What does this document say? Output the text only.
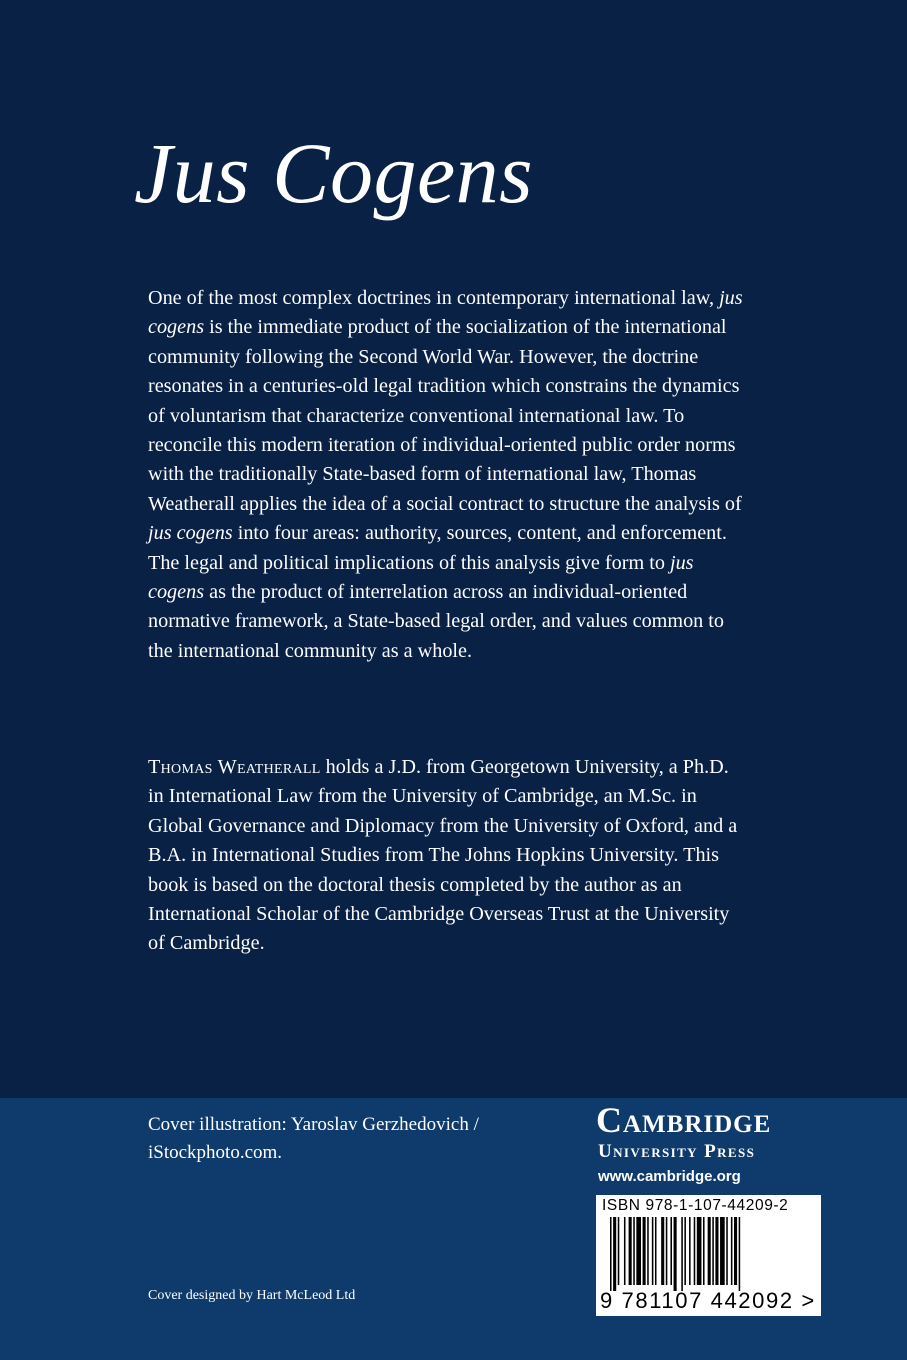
Jus Cogens

One of the most complex doctrines in contemporary international law, jus cogens is the immediate product of the socialization of the international community following the Second World War. However, the doctrine resonates in a centuries-old legal tradition which constrains the dynamics of voluntarism that characterize conventional international law. To reconcile this modern iteration of individual-oriented public order norms with the traditionally State-based form of international law, Thomas Weatherall applies the idea of a social contract to structure the analysis of jus cogens into four areas: authority, sources, content, and enforcement. The legal and political implications of this analysis give form to jus cogens as the product of interrelation across an individual-oriented normative framework, a State-based legal order, and values common to the international community as a whole.

Thomas Weatherall holds a J.D. from Georgetown University, a Ph.D. in International Law from the University of Cambridge, an M.Sc. in Global Governance and Diplomacy from the University of Oxford, and a B.A. in International Studies from The Johns Hopkins University. This book is based on the doctoral thesis completed by the author as an International Scholar of the Cambridge Overseas Trust at the University of Cambridge.

Cover illustration: Yaroslav Gerzhedovich / iStockphoto.com.

Cover designed by Hart McLeod Ltd
Cambridge
University Press
www.cambridge.org
ISBN 978-1-107-44209-2
9 781107 442092 >
